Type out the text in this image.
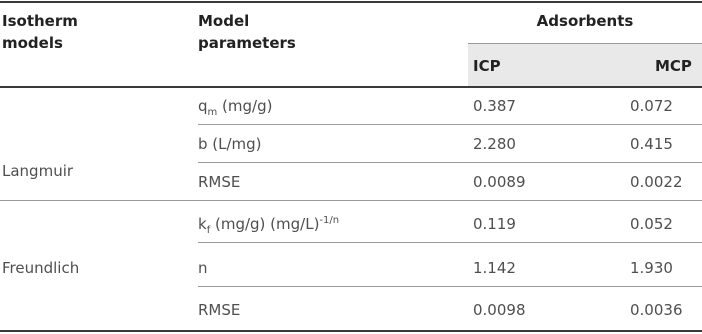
Isotherm
models
Model
parameters
Adsorbents
ICP	MCP
Langmuir
$q_m$ (mg/g)	0.387	0.072
b (L/mg)	2.280	0.415
RMSE	0.0089	0.0022
Freundlich
$k_f$ (mg/g) $(mg/L)^{-1/n}$	0.119	0.052
n	1.142	1.930
RMSE	0.0098	0.0036
